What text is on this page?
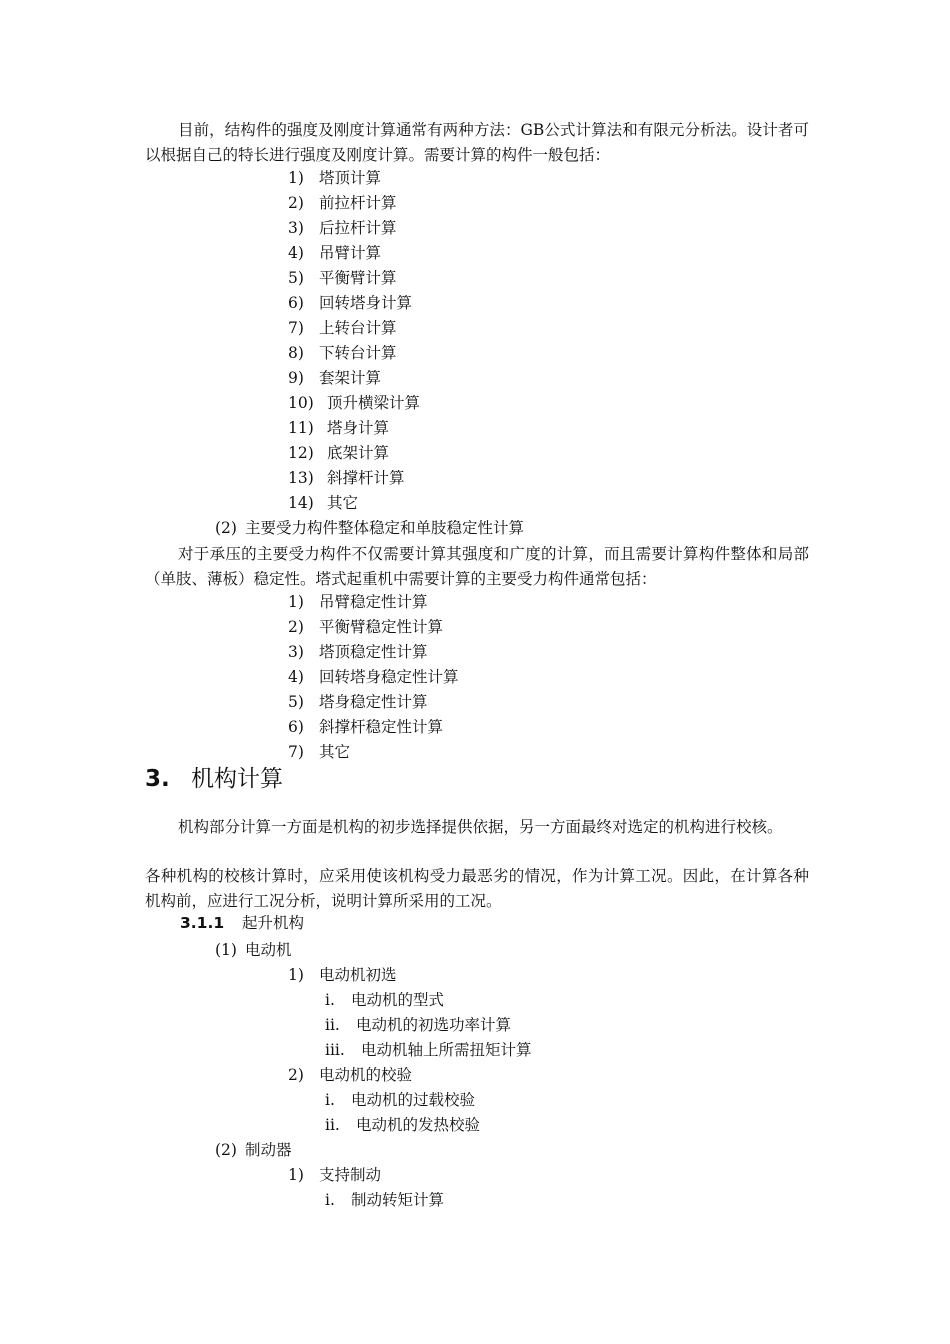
目前，结构件的强度及刚度计算通常有两种方法：GB公式计算法和有限元分析法。设计者可以根据自己的特长进行强度及刚度计算。需要计算的构件一般包括：
1) 塔顶计算
2) 前拉杆计算
3) 后拉杆计算
4) 吊臂计算
5) 平衡臂计算
6) 回转塔身计算
7) 上转台计算
8) 下转台计算
9) 套架计算
10) 顶升横梁计算
11) 塔身计算
12) 底架计算
13) 斜撑杆计算
14) 其它
(2) 主要受力构件整体稳定和单肢稳定性计算
对于承压的主要受力构件不仅需要计算其强度和广度的计算，而且需要计算构件整体和局部（单肢、薄板）稳定性。塔式起重机中需要计算的主要受力构件通常包括：
1) 吊臂稳定性计算
2) 平衡臂稳定性计算
3) 塔顶稳定性计算
4) 回转塔身稳定性计算
5) 塔身稳定性计算
6) 斜撑杆稳定性计算
7) 其它
3. 机构计算
机构部分计算一方面是机构的初步选择提供依据，另一方面最终对选定的机构进行校核。
各种机构的校核计算时，应采用使该机构受力最恶劣的情况，作为计算工况。因此，在计算各种机构前，应进行工况分析，说明计算所采用的工况。
3.1.1 起升机构
(1) 电动机
1) 电动机初选
i. 电动机的型式
ii. 电动机的初选功率计算
iii. 电动机轴上所需扭矩计算
2) 电动机的校验
i. 电动机的过载校验
ii. 电动机的发热校验
(2) 制动器
1) 支持制动
i. 制动转矩计算
